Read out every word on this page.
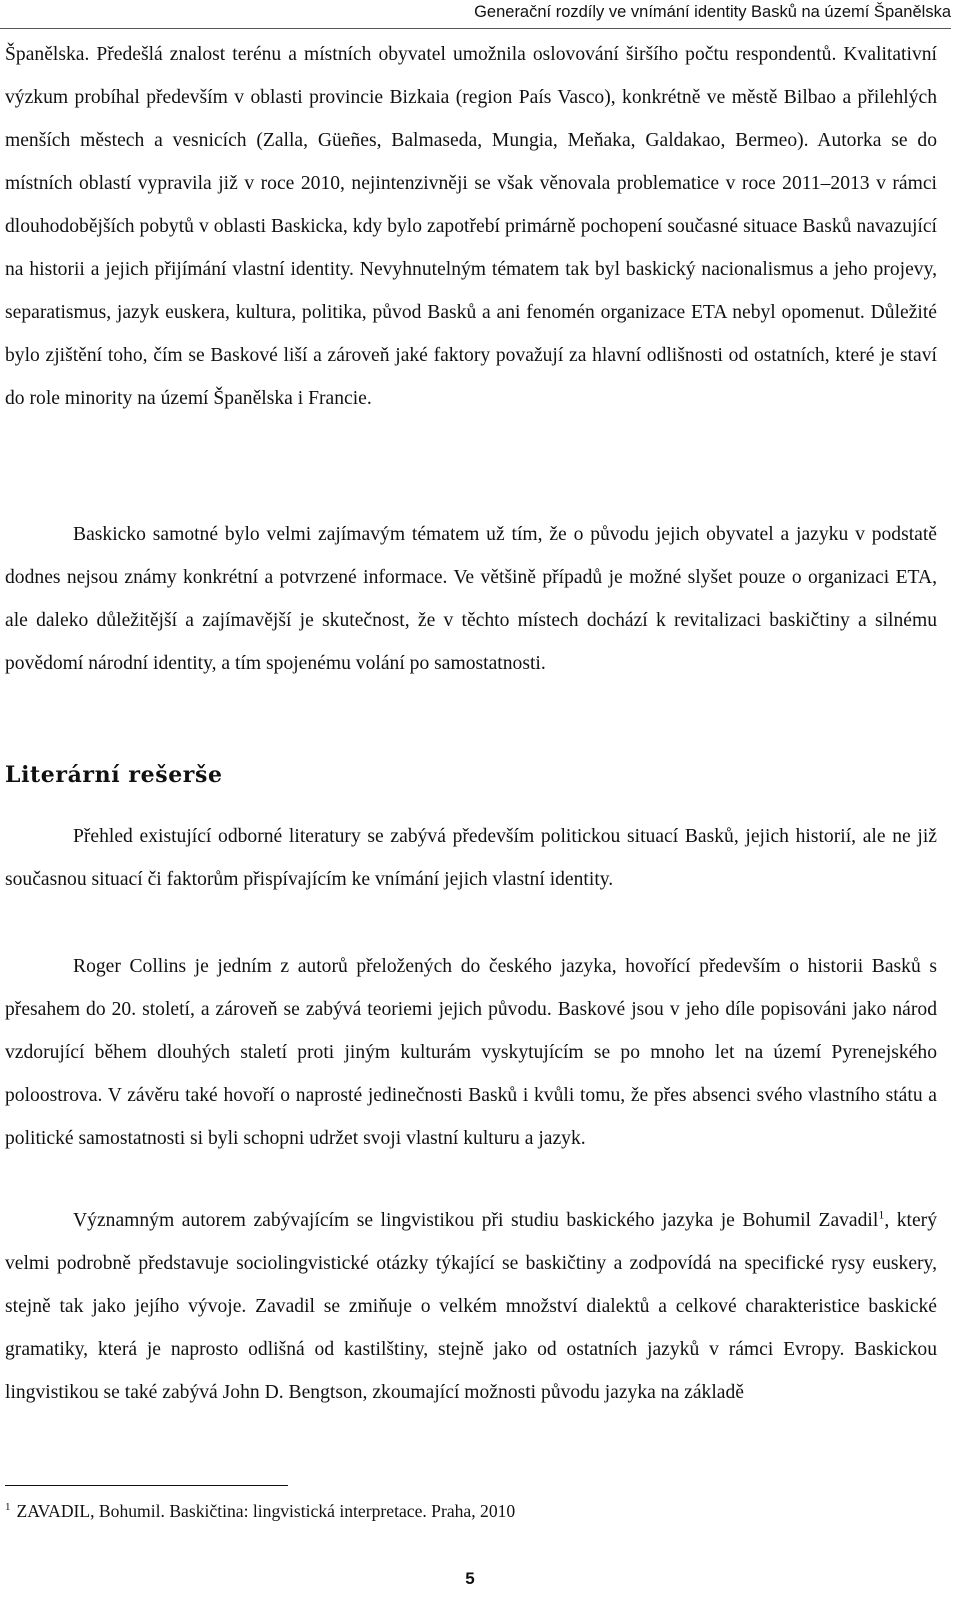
Generační rozdíly ve vnímání identity Basků na území Španělska

Španělska. Předešlá znalost terénu a místních obyvatel umožnila oslovování širšího počtu respondentů. Kvalitativní výzkum probíhal především v oblasti provincie Bizkaia (region País Vasco), konkrétně ve městě Bilbao a přilehlých menších městech a vesnicích (Zalla, Güeñes, Balmaseda, Mungia, Meňaka, Galdakao, Bermeo). Autorka se do místních oblastí vypravila již v roce 2010, nejintenzivněji se však věnovala problematice v roce 2011–2013 v rámci dlouhodobějších pobytů v oblasti Baskicka, kdy bylo zapotřebí primárně pochopení současné situace Basků navazující na historii a jejich přijímání vlastní identity. Nevyhnutelným tématem tak byl baskický nacionalismus a jeho projevy, separatismus, jazyk euskera, kultura, politika, původ Basků a ani fenomén organizace ETA nebyl opomenut. Důležité bylo zjištění toho, čím se Baskové liší a zároveň jaké faktory považují za hlavní odlišnosti od ostatních, které je staví do role minority na území Španělska i Francie.

Baskicko samotné bylo velmi zajímavým tématem už tím, že o původu jejich obyvatel a jazyku v podstatě dodnes nejsou známy konkrétní a potvrzené informace. Ve většině případů je možné slyšet pouze o organizaci ETA, ale daleko důležitější a zajímavější je skutečnost, že v těchto místech dochází k revitalizaci baskičtiny a silnému povědomí národní identity, a tím spojenému volání po samostatnosti.

Literární rešerše

Přehled existující odborné literatury se zabývá především politickou situací Basků, jejich historií, ale ne již současnou situací či faktorům přispívajícím ke vnímání jejich vlastní identity.

Roger Collins je jedním z autorů přeložených do českého jazyka, hovořící především o historii Basků s přesahem do 20. století, a zároveň se zabývá teoriemi jejich původu. Baskové jsou v jeho díle popisováni jako národ vzdorující během dlouhých staletí proti jiným kulturám vyskytujícím se po mnoho let na území Pyrenejského poloostrova. V závěru také hovoří o naprosté jedinečnosti Basků i kvůli tomu, že přes absenci svého vlastního státu a politické samostatnosti si byli schopni udržet svoji vlastní kulturu a jazyk.

Významným autorem zabývajícím se lingvistikou při studiu baskického jazyka je Bohumil Zavadil$^1$, který velmi podrobně představuje sociolingvistické otázky týkající se baskičtiny a zodpovídá na specifické rysy euskery, stejně tak jako jejího vývoje. Zavadil se zmiňuje o velkém množství dialektů a celkové charakteristice baskické gramatiky, která je naprosto odlišná od kastilštiny, stejně jako od ostatních jazyků v rámci Evropy. Baskickou lingvistikou se také zabývá John D. Bengtson, zkoumající možnosti původu jazyka na základě

$^1$ ZAVADIL, Bohumil. Baskičtina: lingvistická interpretace. Praha, 2010

5
